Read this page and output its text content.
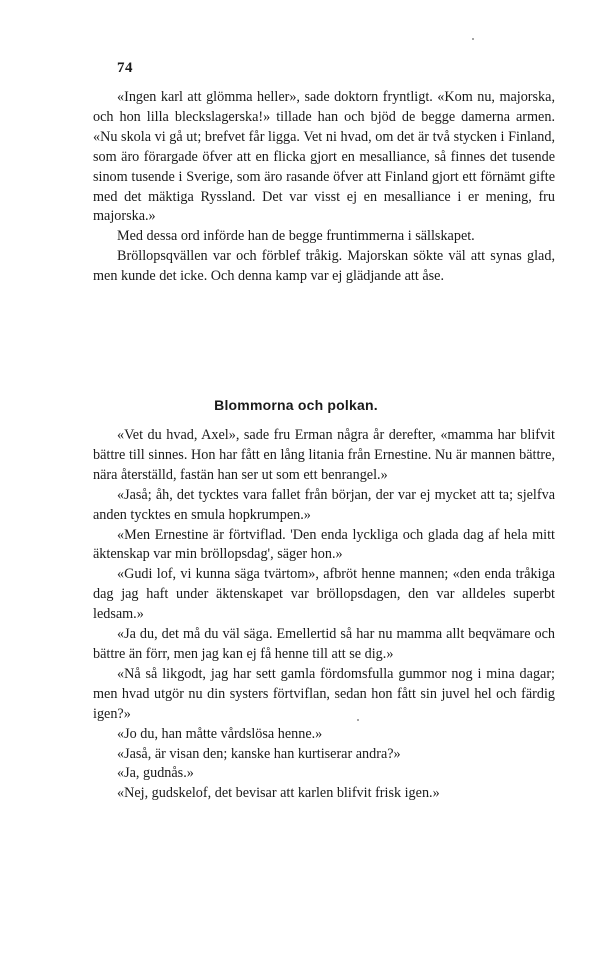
74

«Ingen karl att glömma heller», sade doktorn fryntligt. «Kom nu, majorska, och hon lilla bleckslagerska!» tillade han och bjöd de begge damerna armen. «Nu skola vi gå ut; brefvet får ligga. Vet ni hvad, om det är två stycken i Finland, som äro förargade öfver att en flicka gjort en mesalliance, så finnes det tusende sinom tusende i Sverige, som äro rasande öfver att Finland gjort ett förnämt gifte med det mäktiga Ryssland. Det var visst ej en mesalliance i er mening, fru majorska.»

Med dessa ord införde han de begge fruntimmerna i sällskapet.

Bröllopsqvällen var och förblef tråkig. Majorskan sökte väl att synas glad, men kunde det icke. Och denna kamp var ej glädjande att åse.

Blommorna och polkan.

«Vet du hvad, Axel», sade fru Erman några år derefter, «mamma har blifvit bättre till sinnes. Hon har fått en lång litania från Ernestine. Nu är mannen bättre, nära återställd, fastän han ser ut som ett benrangel.»

«Jaså; åh, det tycktes vara fallet från början, der var ej mycket att ta; sjelfva anden tycktes en smula hopkrumpen.»

«Men Ernestine är förtviflad. 'Den enda lyckliga och glada dag af hela mitt äktenskap var min bröllopsdag', säger hon.»

«Gudi lof, vi kunna säga tvärtom», afbröt henne mannen; «den enda tråkiga dag jag haft under äktenskapet var bröllopsdagen, den var alldeles superbt ledsam.»

«Ja du, det må du väl säga. Emellertid så har nu mamma allt beqvämare och bättre än förr, men jag kan ej få henne till att se dig.»

«Nå så likgodt, jag har sett gamla fördomsfulla gummor nog i mina dagar; men hvad utgör nu din systers förtviflan, sedan hon fått sin juvel hel och färdig igen?»

«Jo du, han måtte vårdslösa henne.»

«Jaså, är visan den; kanske han kurtiserar andra?»

«Ja, gudnås.»

«Nej, gudskelof, det bevisar att karlen blifvit frisk igen.»
